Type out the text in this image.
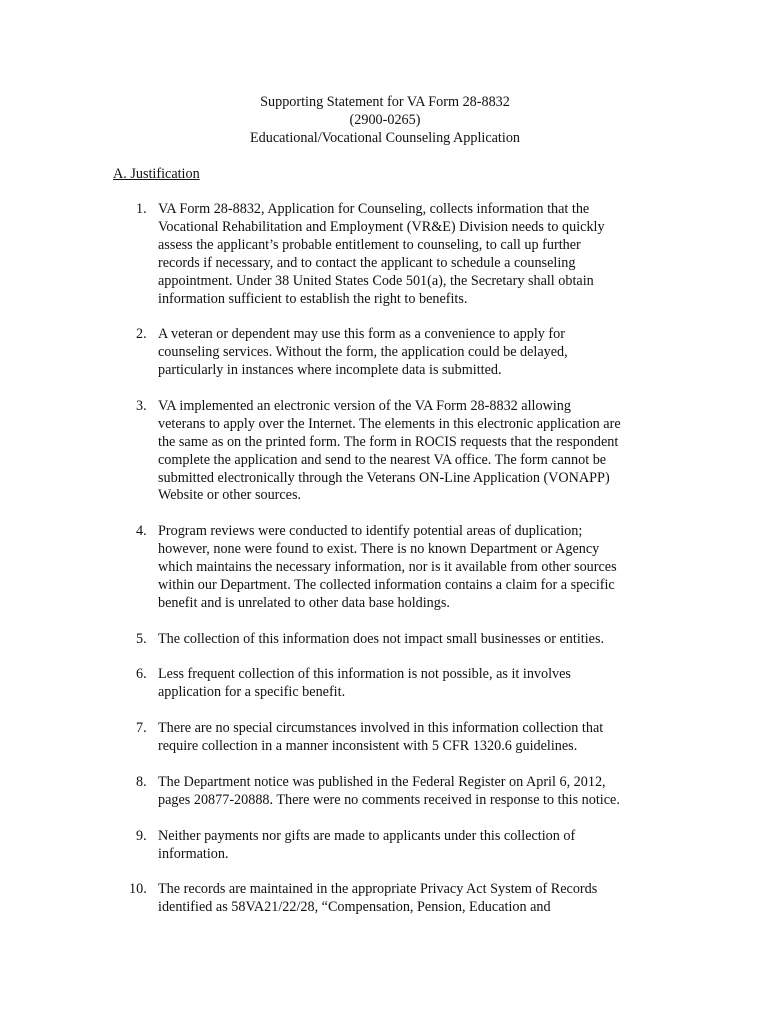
Supporting Statement for VA Form 28-8832
(2900-0265)
Educational/Vocational Counseling Application
A. Justification
1. VA Form 28-8832, Application for Counseling, collects information that the
Vocational Rehabilitation and Employment (VR&E) Division needs to quickly
assess the applicant’s probable entitlement to counseling, to call up further
records if necessary, and to contact the applicant to schedule a counseling
appointment. Under 38 United States Code 501(a), the Secretary shall obtain
information sufficient to establish the right to benefits.
2. A veteran or dependent may use this form as a convenience to apply for
counseling services. Without the form, the application could be delayed,
particularly in instances where incomplete data is submitted.
3. VA implemented an electronic version of the VA Form 28-8832 allowing
veterans to apply over the Internet. The elements in this electronic application are
the same as on the printed form. The form in ROCIS requests that the respondent
complete the application and send to the nearest VA office. The form cannot be
submitted electronically through the Veterans ON-Line Application (VONAPP)
Website or other sources.
4. Program reviews were conducted to identify potential areas of duplication;
however, none were found to exist. There is no known Department or Agency
which maintains the necessary information, nor is it available from other sources
within our Department. The collected information contains a claim for a specific
benefit and is unrelated to other data base holdings.
5. The collection of this information does not impact small businesses or entities.
6. Less frequent collection of this information is not possible, as it involves
application for a specific benefit.
7. There are no special circumstances involved in this information collection that
require collection in a manner inconsistent with 5 CFR 1320.6 guidelines.
8. The Department notice was published in the Federal Register on April 6, 2012,
pages 20877-20888. There were no comments received in response to this notice.
9. Neither payments nor gifts are made to applicants under this collection of
information.
10. The records are maintained in the appropriate Privacy Act System of Records
identified as 58VA21/22/28, “Compensation, Pension, Education and
